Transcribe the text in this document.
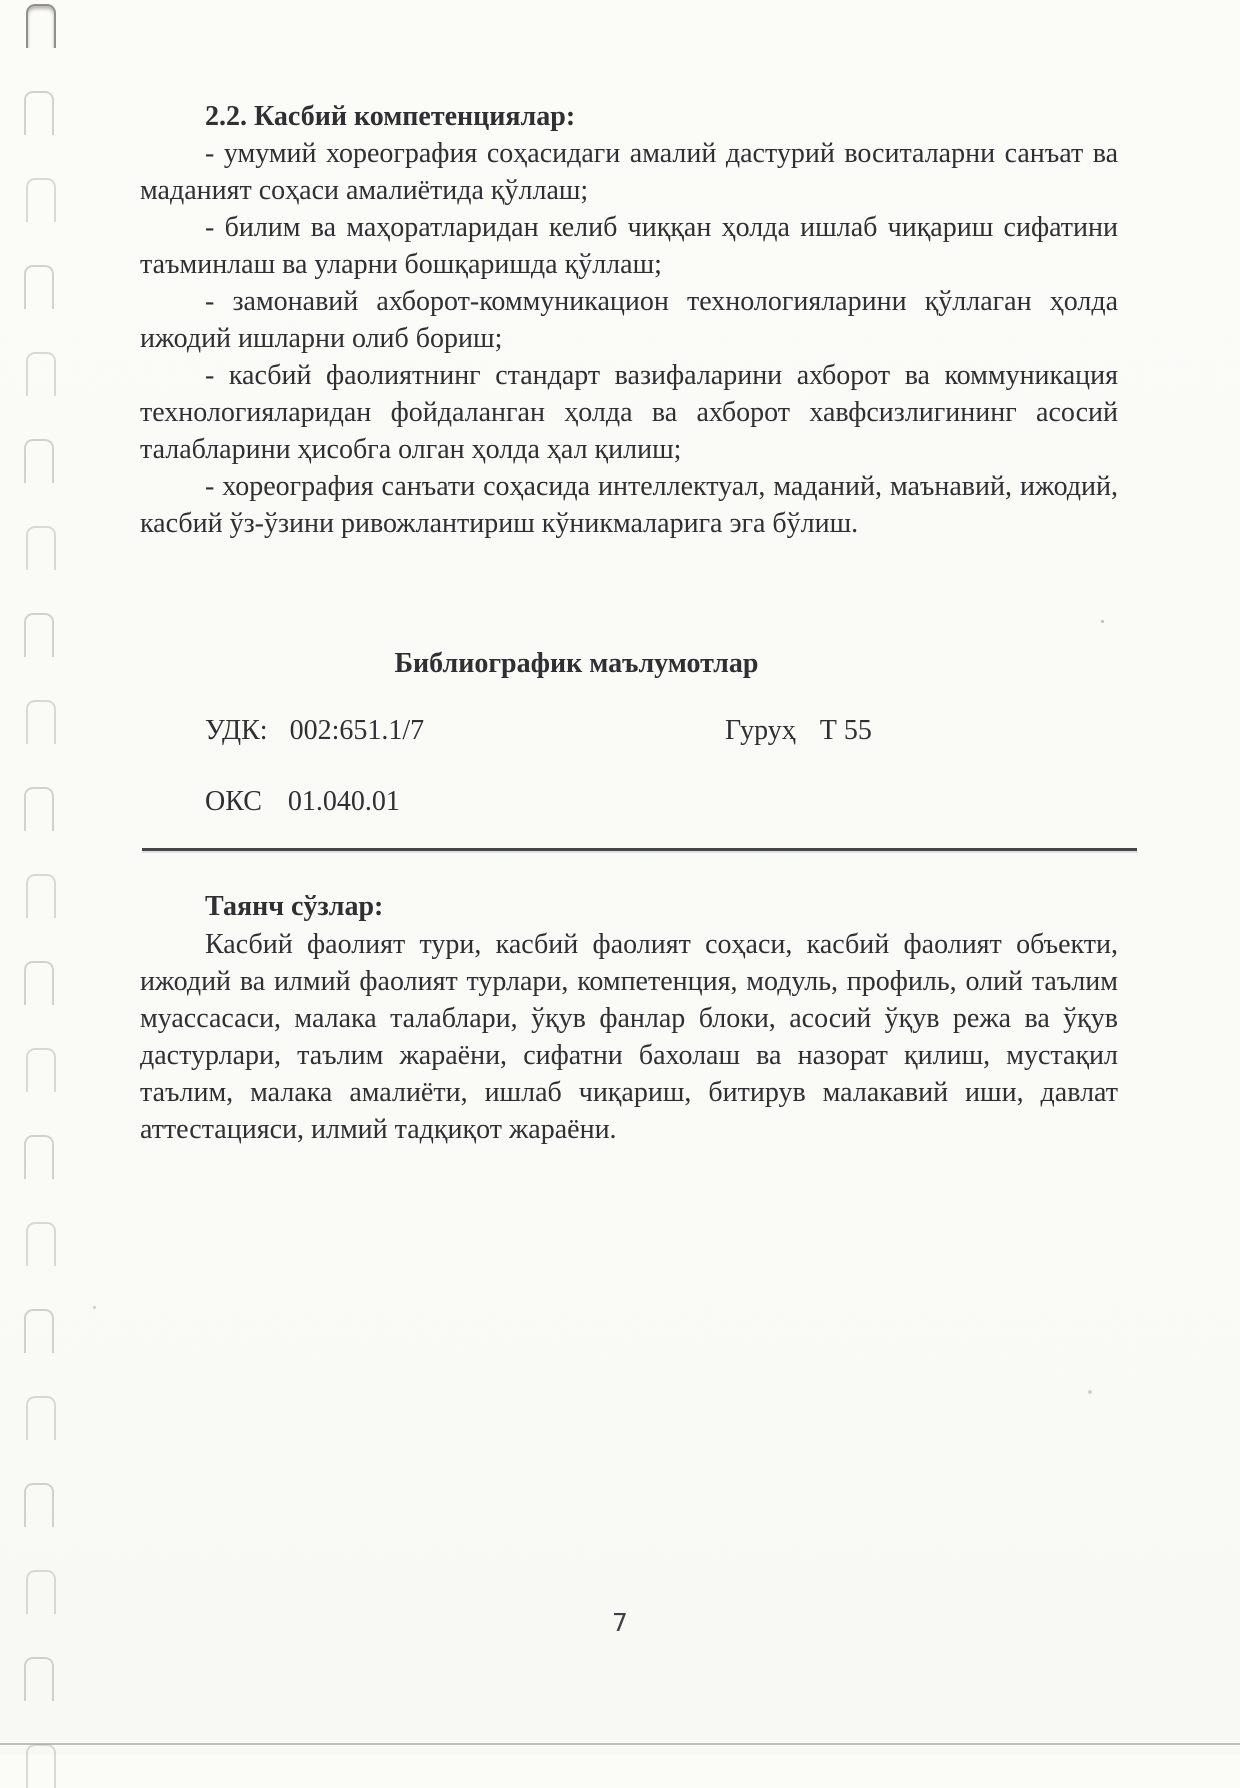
2.2. Касбий компетенциялар:

- умумий хореография соҳасидаги амалий дастурий воситаларни санъат ва маданият соҳаси амалиётида қўллаш;

- билим ва маҳоратларидан келиб чиққан ҳолда ишлаб чиқариш сифатини таъминлаш ва уларни бошқаришда қўллаш;

- замонавий ахборот-коммуникацион технологияларини қўллаган ҳолда ижодий ишларни олиб бориш;

- касбий фаолиятнинг стандарт вазифаларини ахборот ва коммуникация технологияларидан фойдаланган ҳолда ва ахборот хавфсизлигининг асосий талабларини ҳисобга олган ҳолда ҳал қилиш;

- хореография санъати соҳасида интеллектуал, маданий, маънавий, ижодий, касбий ўз-ўзини ривожлантириш кўникмаларига эга бўлиш.

Библиографик маълумотлар
УДК: 002:651.1/7	Гуруҳ Т 55
ОКС 01.040.01

Таянч сўзлар:

Касбий фаолият тури, касбий фаолият соҳаси, касбий фаолият объекти, ижодий ва илмий фаолият турлари, компетенция, модуль, профиль, олий таълим муассасаси, малака талаблари, ўқув фанлар блоки, асосий ўқув режа ва ўқув дастурлари, таълим жараёни, сифатни бахолаш ва назорат қилиш, мустақил таълим, малака амалиёти, ишлаб чиқариш, битирув малакавий иши, давлат аттестацияси, илмий тадқиқот жараёни.

7
